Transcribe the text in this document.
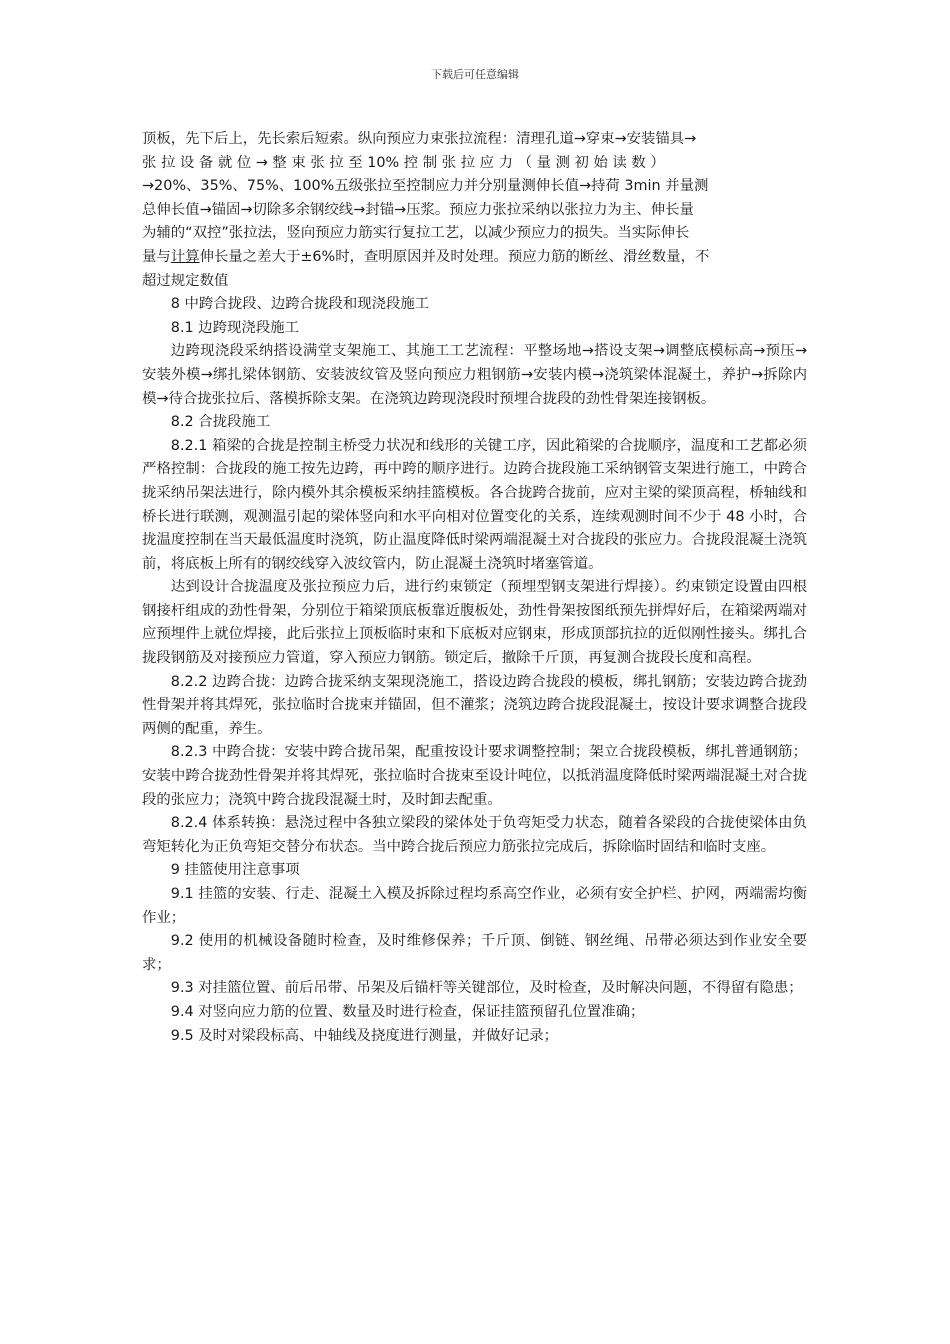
下载后可任意编辑

顶板，先下后上，先长索后短索。纵向预应力束张拉流程：清理孔道→穿束→安装锚具→

张 拉 设 备 就 位 → 整 束 张 拉 至 10% 控 制 张 拉 应 力 （ 量 测 初 始 读 数 ）

→20%、35%、75%、100%五级张拉至控制应力并分别量测伸长值→持荷 3min 并量测

总伸长值→锚固→切除多余钢绞线→封锚→压浆。预应力张拉采纳以张拉力为主、伸长量

为辅的“双控”张拉法，竖向预应力筋实行复拉工艺，以减少预应力的损失。当实际伸长

量与计算伸长量之差大于±6%时，查明原因并及时处理。预应力筋的断丝、滑丝数量，不

超过规定数值

8 中跨合拢段、边跨合拢段和现浇段施工

8.1 边跨现浇段施工

边跨现浇段采纳搭设满堂支架施工、其施工工艺流程：平整场地→搭设支架→调整底模标高→预压→安装外模→绑扎梁体钢筋、安装波纹管及竖向预应力粗钢筋→安装内模→浇筑梁体混凝土，养护→拆除内模→待合拢张拉后、落模拆除支架。在浇筑边跨现浇段时预埋合拢段的劲性骨架连接钢板。

8.2 合拢段施工

8.2.1 箱梁的合拢是控制主桥受力状况和线形的关键工序，因此箱梁的合拢顺序，温度和工艺都必须严格控制：合拢段的施工按先边跨，再中跨的顺序进行。边跨合拢段施工采纳钢管支架进行施工，中跨合拢采纳吊架法进行，除内模外其余模板采纳挂篮模板。各合拢跨合拢前，应对主梁的梁顶高程，桥轴线和桥长进行联测，观测温引起的梁体竖向和水平向相对位置变化的关系，连续观测时间不少于 48 小时，合拢温度控制在当天最低温度时浇筑，防止温度降低时梁两端混凝土对合拢段的张应力。合拢段混凝土浇筑前，将底板上所有的钢绞线穿入波纹管内，防止混凝土浇筑时堵塞管道。

达到设计合拢温度及张拉预应力后，进行约束锁定（预埋型钢支架进行焊接）。约束锁定设置由四根钢接杆组成的劲性骨架，分别位于箱梁顶底板靠近腹板处，劲性骨架按图纸预先拼焊好后，在箱梁两端对应预埋件上就位焊接，此后张拉上顶板临时束和下底板对应钢束，形成顶部抗拉的近似刚性接头。绑扎合拢段钢筋及对接预应力管道，穿入预应力钢筋。锁定后，撤除千斤顶，再复测合拢段长度和高程。

8.2.2 边跨合拢：边跨合拢采纳支架现浇施工，搭设边跨合拢段的模板，绑扎钢筋；安装边跨合拢劲性骨架并将其焊死，张拉临时合拢束并锚固，但不灌浆；浇筑边跨合拢段混凝土，按设计要求调整合拢段两侧的配重，养生。

8.2.3 中跨合拢：安装中跨合拢吊架，配重按设计要求调整控制；架立合拢段模板，绑扎普通钢筋；安装中跨合拢劲性骨架并将其焊死，张拉临时合拢束至设计吨位，以抵消温度降低时梁两端混凝土对合拢段的张应力；浇筑中跨合拢段混凝土时，及时卸去配重。

8.2.4 体系转换：悬浇过程中各独立梁段的梁体处于负弯矩受力状态，随着各梁段的合拢使梁体由负弯矩转化为正负弯矩交替分布状态。当中跨合拢后预应力筋张拉完成后，拆除临时固结和临时支座。

9 挂篮使用注意事项

9.1 挂篮的安装、行走、混凝土入模及拆除过程均系高空作业，必须有安全护栏、护网，两端需均衡作业；

9.2 使用的机械设备随时检查，及时维修保养；千斤顶、倒链、钢丝绳、吊带必须达到作业安全要求；

9.3 对挂篮位置、前后吊带、吊架及后锚杆等关键部位，及时检查，及时解决问题，不得留有隐患；

9.4 对竖向应力筋的位置、数量及时进行检查，保证挂篮预留孔位置准确；

9.5 及时对梁段标高、中轴线及挠度进行测量，并做好记录；
